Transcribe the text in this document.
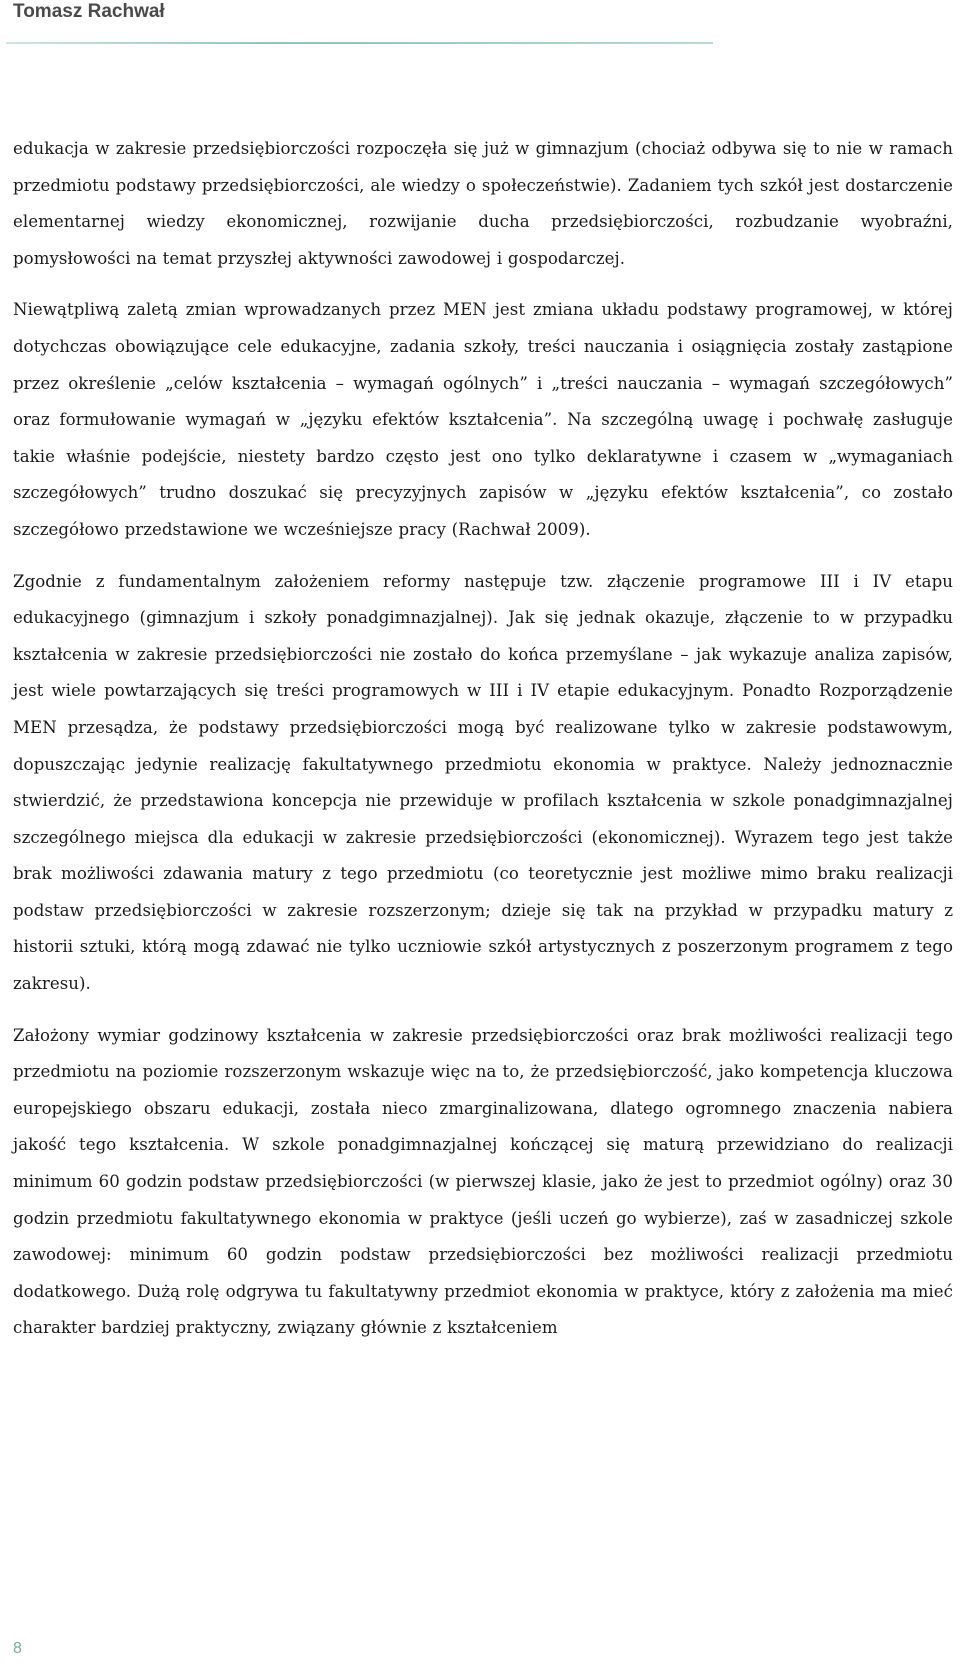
Tomasz Rachwał

edukacja w zakresie przedsiębiorczości rozpoczęła się już w gimnazjum (chociaż odbywa się to nie w ramach przedmiotu podstawy przedsiębiorczości, ale wiedzy o społeczeństwie). Zadaniem tych szkół jest dostarczenie elementarnej wiedzy ekonomicznej, rozwijanie ducha przedsiębiorczości, rozbudzanie wyobraźni, pomysłowości na temat przyszłej aktywności zawodowej i gospodarczej.

Niewątpliwą zaletą zmian wprowadzanych przez MEN jest zmiana układu podstawy programowej, w której dotychczas obowiązujące cele edukacyjne, zadania szkoły, treści nauczania i osiągnięcia zostały zastąpione przez określenie „celów kształcenia – wymagań ogólnych” i „treści nauczania – wymagań szczegółowych” oraz formułowanie wymagań w „języku efektów kształcenia”. Na szczególną uwagę i pochwałę zasługuje takie właśnie podejście, niestety bardzo często jest ono tylko deklaratywne i czasem w „wymaganiach szczegółowych” trudno doszukać się precyzyjnych zapisów w „języku efektów kształcenia”, co zostało szczegółowo przedstawione we wcześniejsze pracy (Rachwał 2009).

Zgodnie z fundamentalnym założeniem reformy następuje tzw. złączenie programowe III i IV etapu edukacyjnego (gimnazjum i szkoły ponadgimnazjalnej). Jak się jednak okazuje, złączenie to w przypadku kształcenia w zakresie przedsiębiorczości nie zostało do końca przemyślane – jak wykazuje analiza zapisów, jest wiele powtarzających się treści programowych w III i IV etapie edukacyjnym. Ponadto Rozporządzenie MEN przesądza, że podstawy przedsiębiorczości mogą być realizowane tylko w zakresie podstawowym, dopuszczając jedynie realizację fakultatywnego przedmiotu ekonomia w praktyce. Należy jednoznacznie stwierdzić, że przedstawiona koncepcja nie przewiduje w profilach kształcenia w szkole ponadgimnazjalnej szczególnego miejsca dla edukacji w zakresie przedsiębiorczości (ekonomicznej). Wyrazem tego jest także brak możliwości zdawania matury z tego przedmiotu (co teoretycznie jest możliwe mimo braku realizacji podstaw przedsiębiorczości w zakresie rozszerzonym; dzieje się tak na przykład w przypadku matury z historii sztuki, którą mogą zdawać nie tylko uczniowie szkół artystycznych z poszerzonym programem z tego zakresu).

Założony wymiar godzinowy kształcenia w zakresie przedsiębiorczości oraz brak możliwości realizacji tego przedmiotu na poziomie rozszerzonym wskazuje więc na to, że przedsiębiorczość, jako kompetencja kluczowa europejskiego obszaru edukacji, została nieco zmarginalizowana, dlatego ogromnego znaczenia nabiera jakość tego kształcenia. W szkole ponadgimnazjalnej kończącej się maturą przewidziano do realizacji minimum 60 godzin podstaw przedsiębiorczości (w pierwszej klasie, jako że jest to przedmiot ogólny) oraz 30 godzin przedmiotu fakultatywnego ekonomia w praktyce (jeśli uczeń go wybierze), zaś w zasadniczej szkole zawodowej: minimum 60 godzin podstaw przedsiębiorczości bez możliwości realizacji przedmiotu dodatkowego. Dużą rolę odgrywa tu fakultatywny przedmiot ekonomia w praktyce, który z założenia ma mieć charakter bardziej praktyczny, związany głównie z kształceniem

8
